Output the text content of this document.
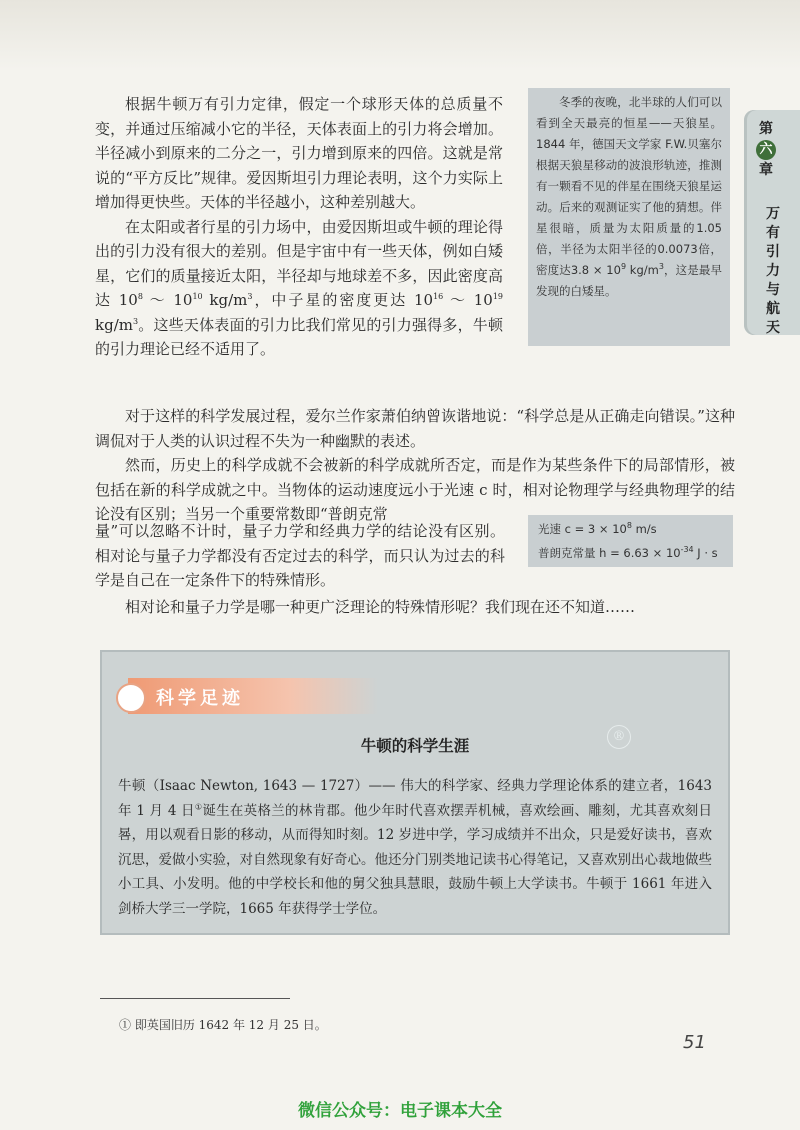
根据牛顿万有引力定律，假定一个球形天体的总质量不变，并通过压缩减小它的半径，天体表面上的引力将会增加。半径减小到原来的二分之一，引力增到原来的四倍。这就是常说的“平方反比”规律。爱因斯坦引力理论表明，这个力实际上增加得更快些。天体的半径越小，这种差别越大。

在太阳或者行星的引力场中，由爱因斯坦或牛顿的理论得出的引力没有很大的差别。但是宇宙中有一些天体，例如白矮星，它们的质量接近太阳，半径却与地球差不多，因此密度高达 $10^8$ ～ $10^{10}$ $kg/m^3$，中子星的密度更达 $10^{16}$ ～ $10^{19}$ $kg/m^3$。这些天体表面的引力比我们常见的引力强得多，牛顿的引力理论已经不适用了。

冬季的夜晚，北半球的人们可以看到全天最亮的恒星——天狼星。1844 年，德国天文学家 F.W.贝塞尔根据天狼星移动的波浪形轨迹，推测有一颗看不见的伴星在围绕天狼星运动。后来的观测证实了他的猜想。伴星很暗，质量为太阳质量的1.05倍，半径为太阳半径的0.0073倍，密度达$3.8 \times 10^9$ $kg/m^3$，这是最早发现的白矮星。

第
六
章
万
有
引
力
与
航
天

对于这样的科学发展过程，爱尔兰作家萧伯纳曾诙谐地说：“科学总是从正确走向错误。”这种调侃对于人类的认识过程不失为一种幽默的表述。

然而，历史上的科学成就不会被新的科学成就所否定，而是作为某些条件下的局部情形，被包括在新的科学成就之中。当物体的运动速度远小于光速 c 时，相对论物理学与经典物理学的结论没有区别；当另一个重要常数即“普朗克常

量”可以忽略不计时，量子力学和经典力学的结论没有区别。相对论与量子力学都没有否定过去的科学，而只认为过去的科学是自己在一定条件下的特殊情形。
光速 $c = 3 \times 10^8$ m/s
普朗克常量 $h = 6.63 \times 10^{-34}$ J · s
相对论和量子力学是哪一种更广泛理论的特殊情形呢？我们现在还不知道……
科学足迹
®
牛顿的科学生涯
牛顿（Isaac Newton, 1643 — 1727）—— 伟大的科学家、经典力学理论体系的建立者，1643 年 1 月 4 日①诞生在英格兰的林肯郡。他少年时代喜欢摆弄机械，喜欢绘画、雕刻，尤其喜欢刻日晷，用以观看日影的移动，从而得知时刻。12 岁进中学，学习成绩并不出众，只是爱好读书，喜欢沉思，爱做小实验，对自然现象有好奇心。他还分门别类地记读书心得笔记，又喜欢别出心裁地做些小工具、小发明。他的中学校长和他的舅父独具慧眼，鼓励牛顿上大学读书。牛顿于 1661 年进入剑桥大学三一学院，1665 年获得学士学位。
① 即英国旧历 1642 年 12 月 25 日。
51
微信公众号：电子课本大全
